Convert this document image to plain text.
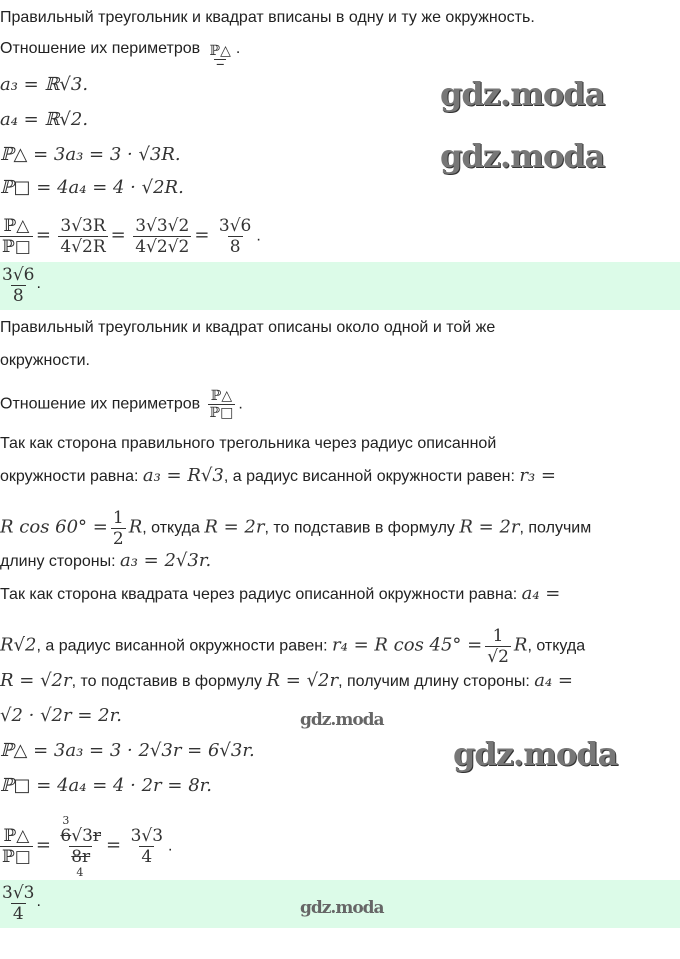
Правильный треугольник и квадрат вписаны в одну и ту же окружность.
Отношение их периметров $\frac{\text{ℙ△}}{-}$ .
a₃ = ℝ√3.
a₄ = ℝ√2.
ℙ△ = 3a₃ = 3 · √3R.
ℙ□ = 4a₄ = 4 · √2R.
$\frac{\text{ℙ△}}{\text{ℙ□}} = \frac{3√3R}{4√2R} = \frac{3√3√2}{4√2√2} = \frac{3√6}{8}$ .
$\frac{3√6}{8}$ .
Правильный треугольник и квадрат описаны около одной и той же
окружности.
Отношение их периметров $\frac{\text{ℙ△}}{\text{ℙ□}}$ .
Так как сторона правильного трегольника через радиус описанной
окружности равна: a₃ = R√3, а радиус висанной окружности равен: r₃ =
R $\cos 60^\circ = \frac{1}{2} R$, откуда R = 2r, то подставив в формулу R = 2r, получим
длину стороны: a₃ = 2√3r.
Так как сторона квадрата через радиус описанной окружности равна: a₄ =
R√2, а радиус висанной окружности равен: r₄ = R $\cos 45^\circ = \frac{1}{√2} R$, откуда
R = √2r, то подставив в формулу R = √2r, получим длину стороны: a₄ =
√2 · √2r = 2r.
ℙ△ = 3a₃ = 3 · 2√3r = 6√3r.
ℙ□ = 4a₄ = 4 · 2r = 8r.
$\frac{\text{ℙ△}}{\text{ℙ□}}$ =
3
6√3r
8r
4
= $\frac{3√3}{4}$ .
$\frac{3√3}{4}$ .
gdz.moda
gdz.moda
gdz.moda
gdz.moda
gdz.moda
